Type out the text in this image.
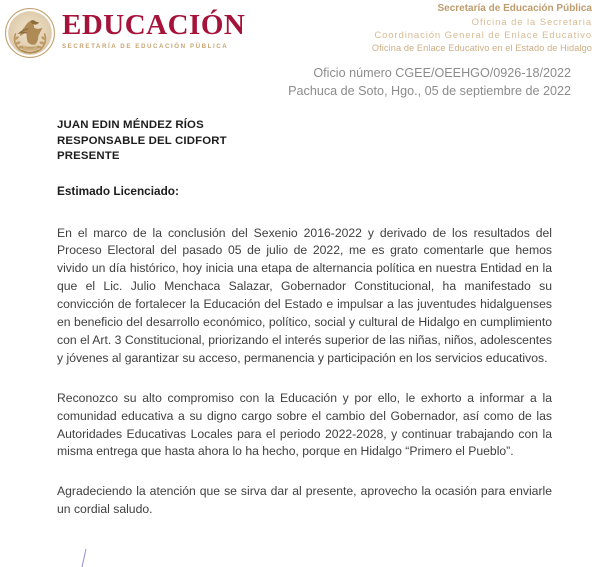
EDUCACIÓN
SECRETARÍA DE EDUCACIÓN PÚBLICA
Secretaría de Educación Pública
Oficina de la Secretaria
Coordinación General de Enlace Educativo
Oficina de Enlace Educativo en el Estado de Hidalgo
Oficio número CGEE/OEEHGO/0926-18/2022
Pachuca de Soto, Hgo., 05 de septiembre de 2022
JUAN EDIN MÉNDEZ RÍOS
RESPONSABLE DEL CIDFORT
PRESENTE
Estimado Licenciado:

En el marco de la conclusión del Sexenio 2016-2022 y derivado de los resultados del Proceso Electoral del pasado 05 de julio de 2022, me es grato comentarle que hemos vivido un día histórico, hoy inicia una etapa de alternancia política en nuestra Entidad en la que el Lic. Julio Menchaca Salazar, Gobernador Constitucional, ha manifestado su convicción de fortalecer la Educación del Estado e impulsar a las juventudes hidalguenses en beneficio del desarrollo económico, político, social y cultural de Hidalgo en cumplimiento con el Art. 3 Constitucional, priorizando el interés superior de las niñas, niños, adolescentes y jóvenes al garantizar su acceso, permanencia y participación en los servicios educativos.

Reconozco su alto compromiso con la Educación y por ello, le exhorto a informar a la comunidad educativa a su digno cargo sobre el cambio del Gobernador, así como de las Autoridades Educativas Locales para el periodo 2022-2028, y continuar trabajando con la misma entrega que hasta ahora lo ha hecho, porque en Hidalgo “Primero el Pueblo”.

Agradeciendo la atención que se sirva dar al presente, aprovecho la ocasión para enviarle un cordial saludo.
